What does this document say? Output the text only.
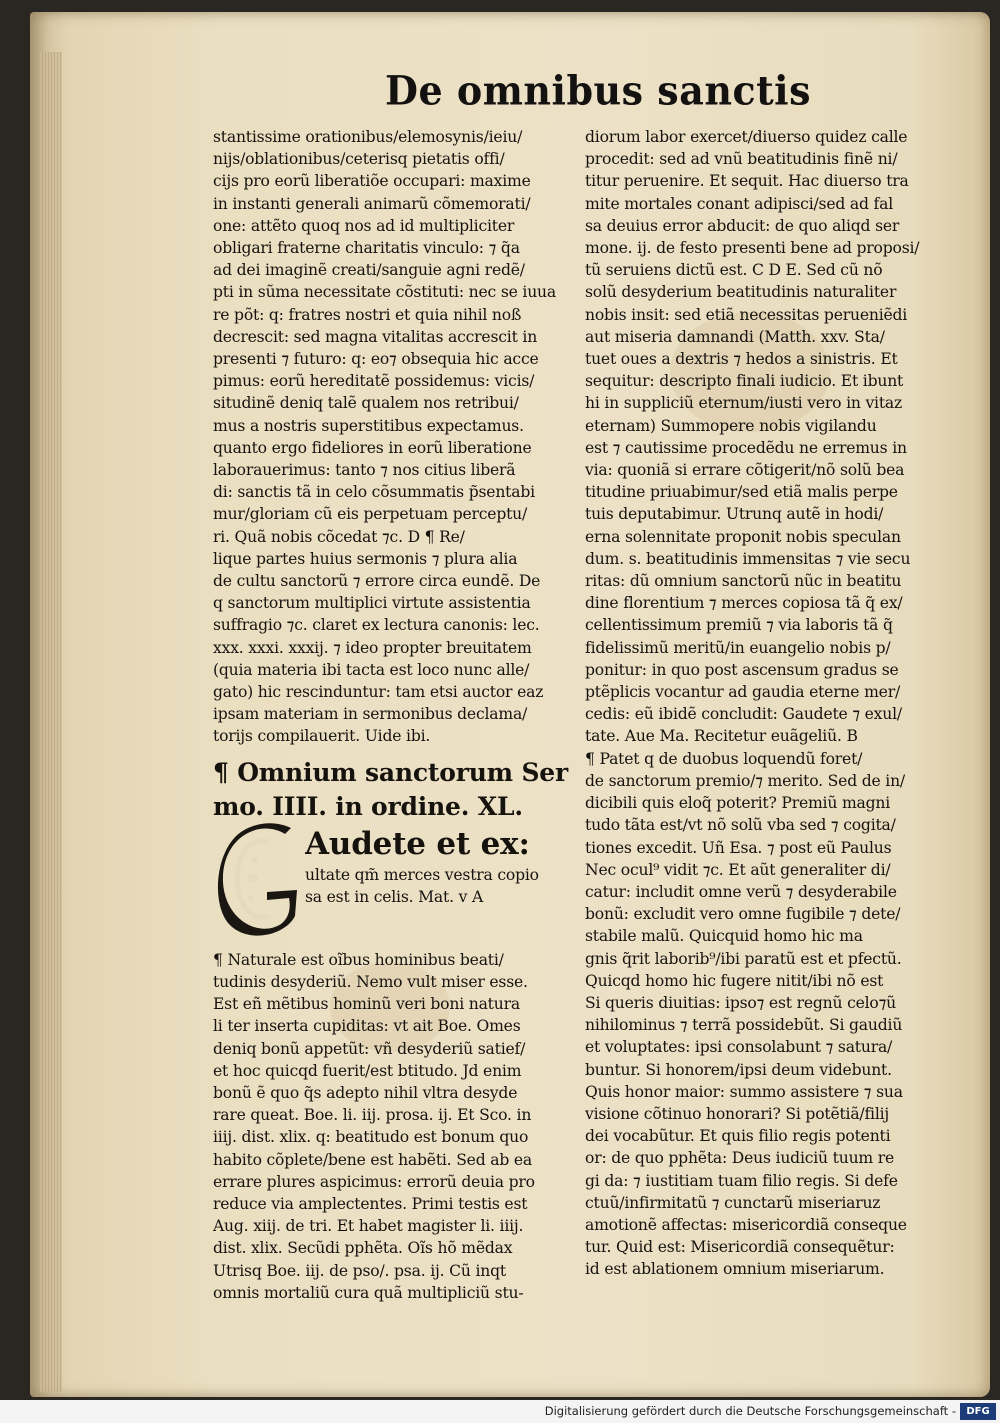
De omnibus sanctis

stantissime orationibus/elemosynis/ieiu/

nijs/oblationibus/ceterisq pietatis offi/

cijs pro eorũ liberatiõe occupari: maxime

in instanti generali animarũ cõmemorati/

one: attẽto quoq nos ad id multipliciter

obligari fraterne charitatis vinculo: ⁊ q̃a

ad dei imaginẽ creati/sanguie agni redẽ/

pti in sũma necessitate cõstituti: nec se iuua

re põt: q: fratres nostri et quia nihil noß

decrescit: sed magna vitalitas accrescit in

presenti ⁊ futuro: q: eo⁊ obsequia hic acce

pimus: eorũ hereditatẽ possidemus: vicis/

situdinẽ deniq talẽ qualem nos retribui/

mus a nostris superstitibus expectamus.

quanto ergo fideliores in eorũ liberatione

laborauerimus: tanto ⁊ nos citius liberã

di: sanctis tã in celo cõsummatis p̃sentabi

mur/gloriam cũ eis perpetuam perceptu/

ri. Quã nobis cõcedat ⁊c. D ¶ Re/

lique partes huius sermonis ⁊ plura alia

de cultu sanctorũ ⁊ errore circa eundẽ. De

q sanctorum multiplici virtute assistentia

suffragio ⁊c. claret ex lectura canonis: lec.

xxx. xxxi. xxxij. ⁊ ideo propter breuitatem

(quia materia ibi tacta est loco nunc alle/

gato) hic rescinduntur: tam etsi auctor eaz

ipsam materiam in sermonibus declama/

torijs compilauerit. Uide ibi.

¶ Omnium sanctorum Ser

mo. IIII. in ordine. XL.

Audete et ex:

ultate qm̃ merces vestra copio

sa est in celis. Mat. v A

¶ Naturale est oĩbus hominibus beati/

tudinis desyderiũ. Nemo vult miser esse.

Est eñ mẽtibus hominũ veri boni natura

li ter inserta cupiditas: vt ait Boe. Omes

deniq bonũ appetũt: vñ desyderiũ satief/

et hoc quicqd fuerit/est btitudo. Jd enim

bonũ ẽ quo q̃s adepto nihil vltra desyde

rare queat. Boe. li. iij. prosa. ij. Et Sco. in

iiij. dist. xlix. q: beatitudo est bonum quo

habito cõplete/bene est habẽti. Sed ab ea

errare plures aspicimus: errorũ deuia pro

reduce via amplectentes. Primi testis est

Aug. xiij. de tri. Et habet magister li. iiij.

dist. xlix. Secũdi pphẽta. Oĩs hõ mẽdax

Utrisq Boe. iij. de pso/. psa. ij. Cũ inqt

omnis mortaliũ cura quã multipliciũ stu-

diorum labor exercet/diuerso quidez calle

procedit: sed ad vnũ beatitudinis finẽ ni/

titur peruenire. Et sequit. Hac diuerso tra

mite mortales conant adipisci/sed ad fal

sa deuius error abducit: de quo aliqd ser

mone. ij. de festo presenti bene ad proposi/

tũ seruiens dictũ est. C D E. Sed cũ nõ

solũ desyderium beatitudinis naturaliter

nobis insit: sed etiã necessitas perueniẽdi

aut miseria damnandi (Matth. xxv. Sta/

tuet oues a dextris ⁊ hedos a sinistris. Et

sequitur: descripto finali iudicio. Et ibunt

hi in suppliciũ eternum/iusti vero in vitaz

eternam) Summopere nobis vigilandu

est ⁊ cautissime procedẽdu ne erremus in

via: quoniã si errare cõtigerit/nõ solũ bea

titudine priuabimur/sed etiã malis perpe

tuis deputabimur. Utrunq autẽ in hodi/

erna solennitate proponit nobis speculan

dum. s. beatitudinis immensitas ⁊ vie secu

ritas: dũ omnium sanctorũ nũc in beatitu

dine florentium ⁊ merces copiosa tã q̃ ex/

cellentissimum premiũ ⁊ via laboris tã q̃

fidelissimũ meritũ/in euangelio nobis p/

ponitur: in quo post ascensum gradus se

ptẽplicis vocantur ad gaudia eterne mer/

cedis: eũ ibidẽ concludit: Gaudete ⁊ exul/

tate. Aue Ma. Recitetur euãgeliũ. B

¶ Patet q de duobus loquendũ foret/

de sanctorum premio/⁊ merito. Sed de in/

dicibili quis eloq̃ poterit? Premiũ magni

tudo tãta est/vt nõ solũ vba sed ⁊ cogita/

tiones excedit. Uñ Esa. ⁊ post eũ Paulus

Nec ocul⁹ vidit ⁊c. Et aũt generaliter di/

catur: includit omne verũ ⁊ desyderabile

bonũ: excludit vero omne fugibile ⁊ dete/

stabile malũ. Quicquid homo hic ma

gnis q̃rit laborib⁹/ibi paratũ est et pfectũ.

Quicqd homo hic fugere nitit/ibi nõ est

Si queris diuitias: ipso⁊ est regnũ celo⁊ũ

nihilominus ⁊ terrã possidebũt. Si gaudiũ

et voluptates: ipsi consolabunt ⁊ satura/

buntur. Si honorem/ipsi deum videbunt.

Quis honor maior: summo assistere ⁊ sua

visione cõtinuo honorari? Si potẽtiã/filij

dei vocabũtur. Et quis filio regis potenti

or: de quo pphẽta: Deus iudiciũ tuum re

gi da: ⁊ iustitiam tuam filio regis. Si defe

ctuũ/infirmitatũ ⁊ cunctarũ miseriaruz

amotionẽ affectas: misericordiã conseque

tur. Quid est: Misericordiã consequẽtur:

id est ablationem omnium miseriarum.

Digitalisierung gefördert durch die Deutsche Forschungsgemeinschaft -	DFG
